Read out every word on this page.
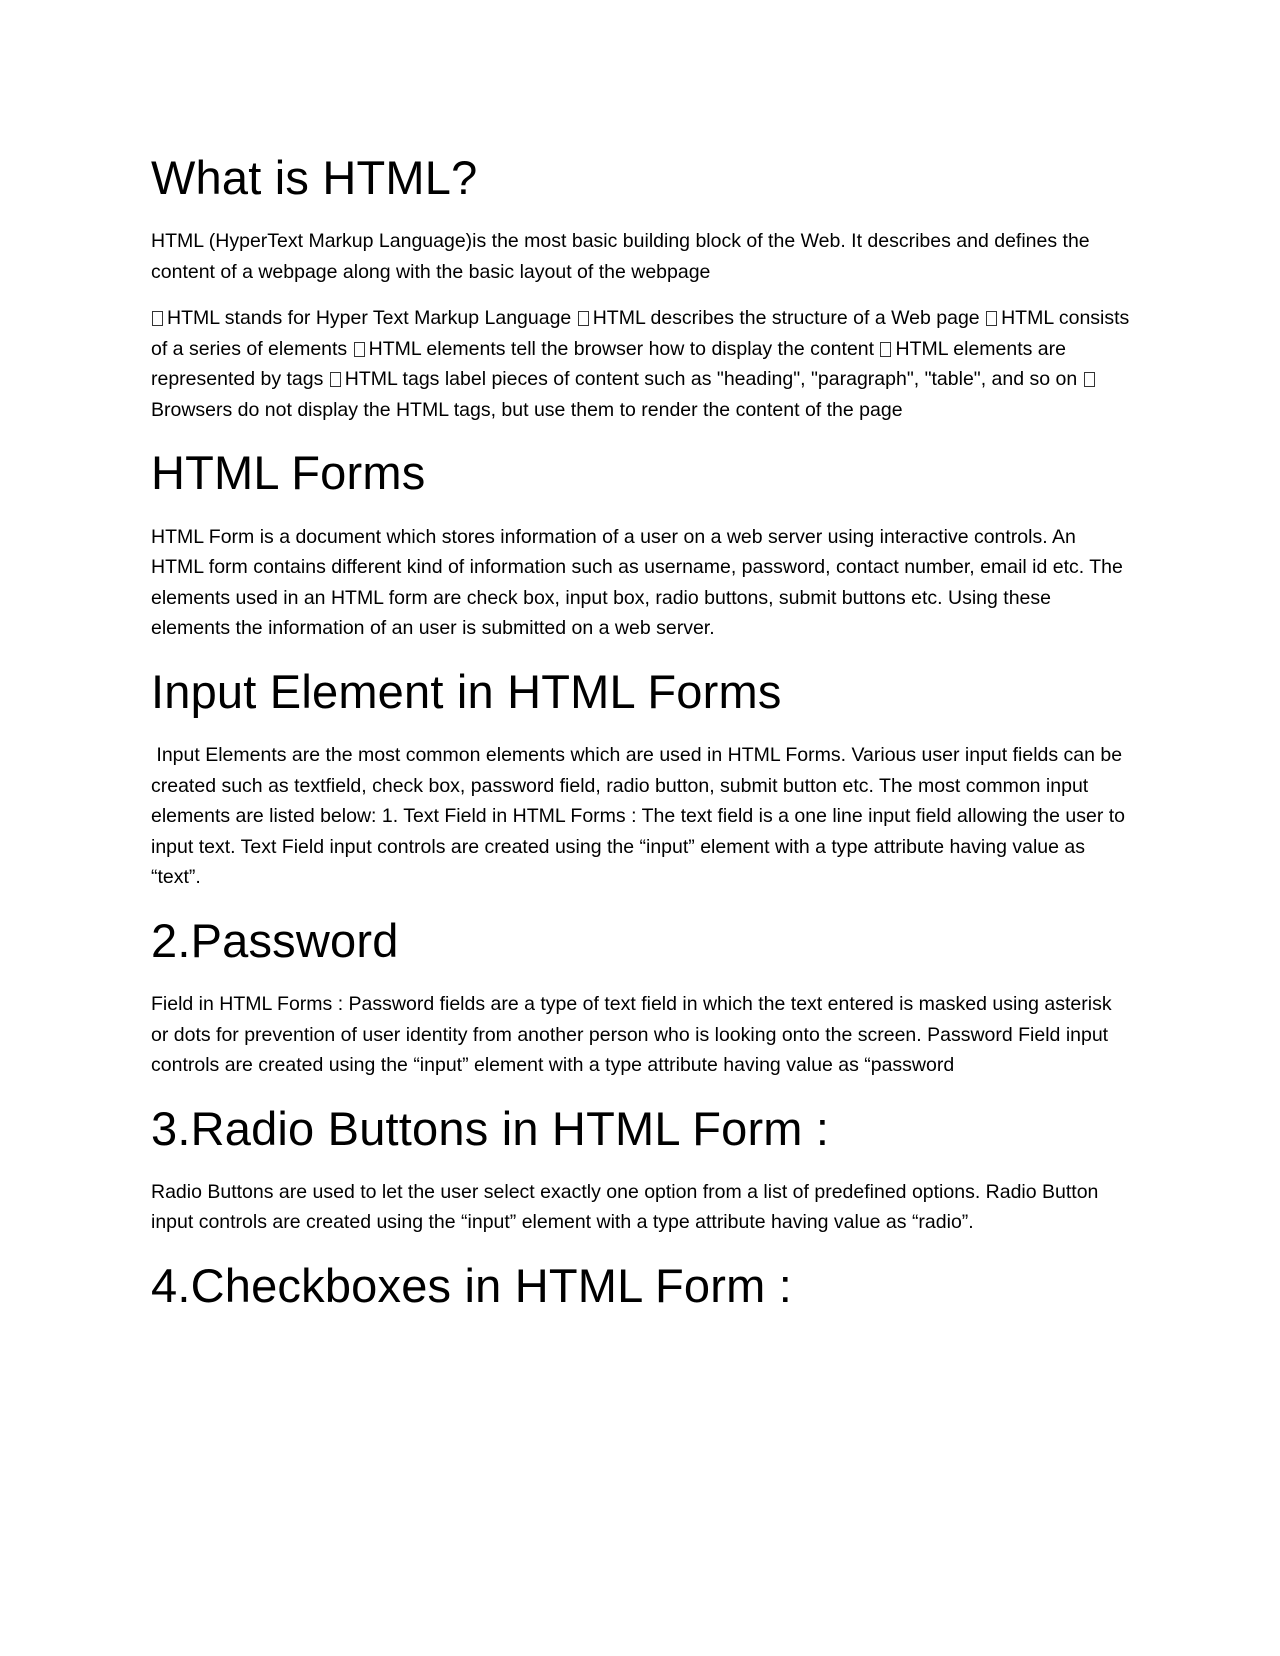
What is HTML?

HTML (HyperText Markup Language)is the most basic building block of the Web. It describes and defines the content of a webpage along with the basic layout of the webpage

HTML stands for Hyper Text Markup Language HTML describes the structure of a Web page HTML consists of a series of elements HTML elements tell the browser how to display the content HTML elements are represented by tags HTML tags label pieces of content such as "heading", "paragraph", "table", and so on Browsers do not display the HTML tags, but use them to render the content of the page

HTML Forms

HTML Form is a document which stores information of a user on a web server using interactive controls. An HTML form contains different kind of information such as username, password, contact number, email id etc. The elements used in an HTML form are check box, input box, radio buttons, submit buttons etc. Using these elements the information of an user is submitted on a web server.

Input Element in HTML Forms

Input Elements are the most common elements which are used in HTML Forms. Various user input fields can be created such as textfield, check box, password field, radio button, submit button etc. The most common input elements are listed below: 1. Text Field in HTML Forms : The text field is a one line input field allowing the user to input text. Text Field input controls are created using the “input” element with a type attribute having value as “text”.

2.Password

Field in HTML Forms : Password fields are a type of text field in which the text entered is masked using asterisk or dots for prevention of user identity from another person who is looking onto the screen. Password Field input controls are created using the “input” element with a type attribute having value as “password

3.Radio Buttons in HTML Form :

Radio Buttons are used to let the user select exactly one option from a list of predefined options. Radio Button input controls are created using the “input” element with a type attribute having value as “radio”.

4.Checkboxes in HTML Form :
